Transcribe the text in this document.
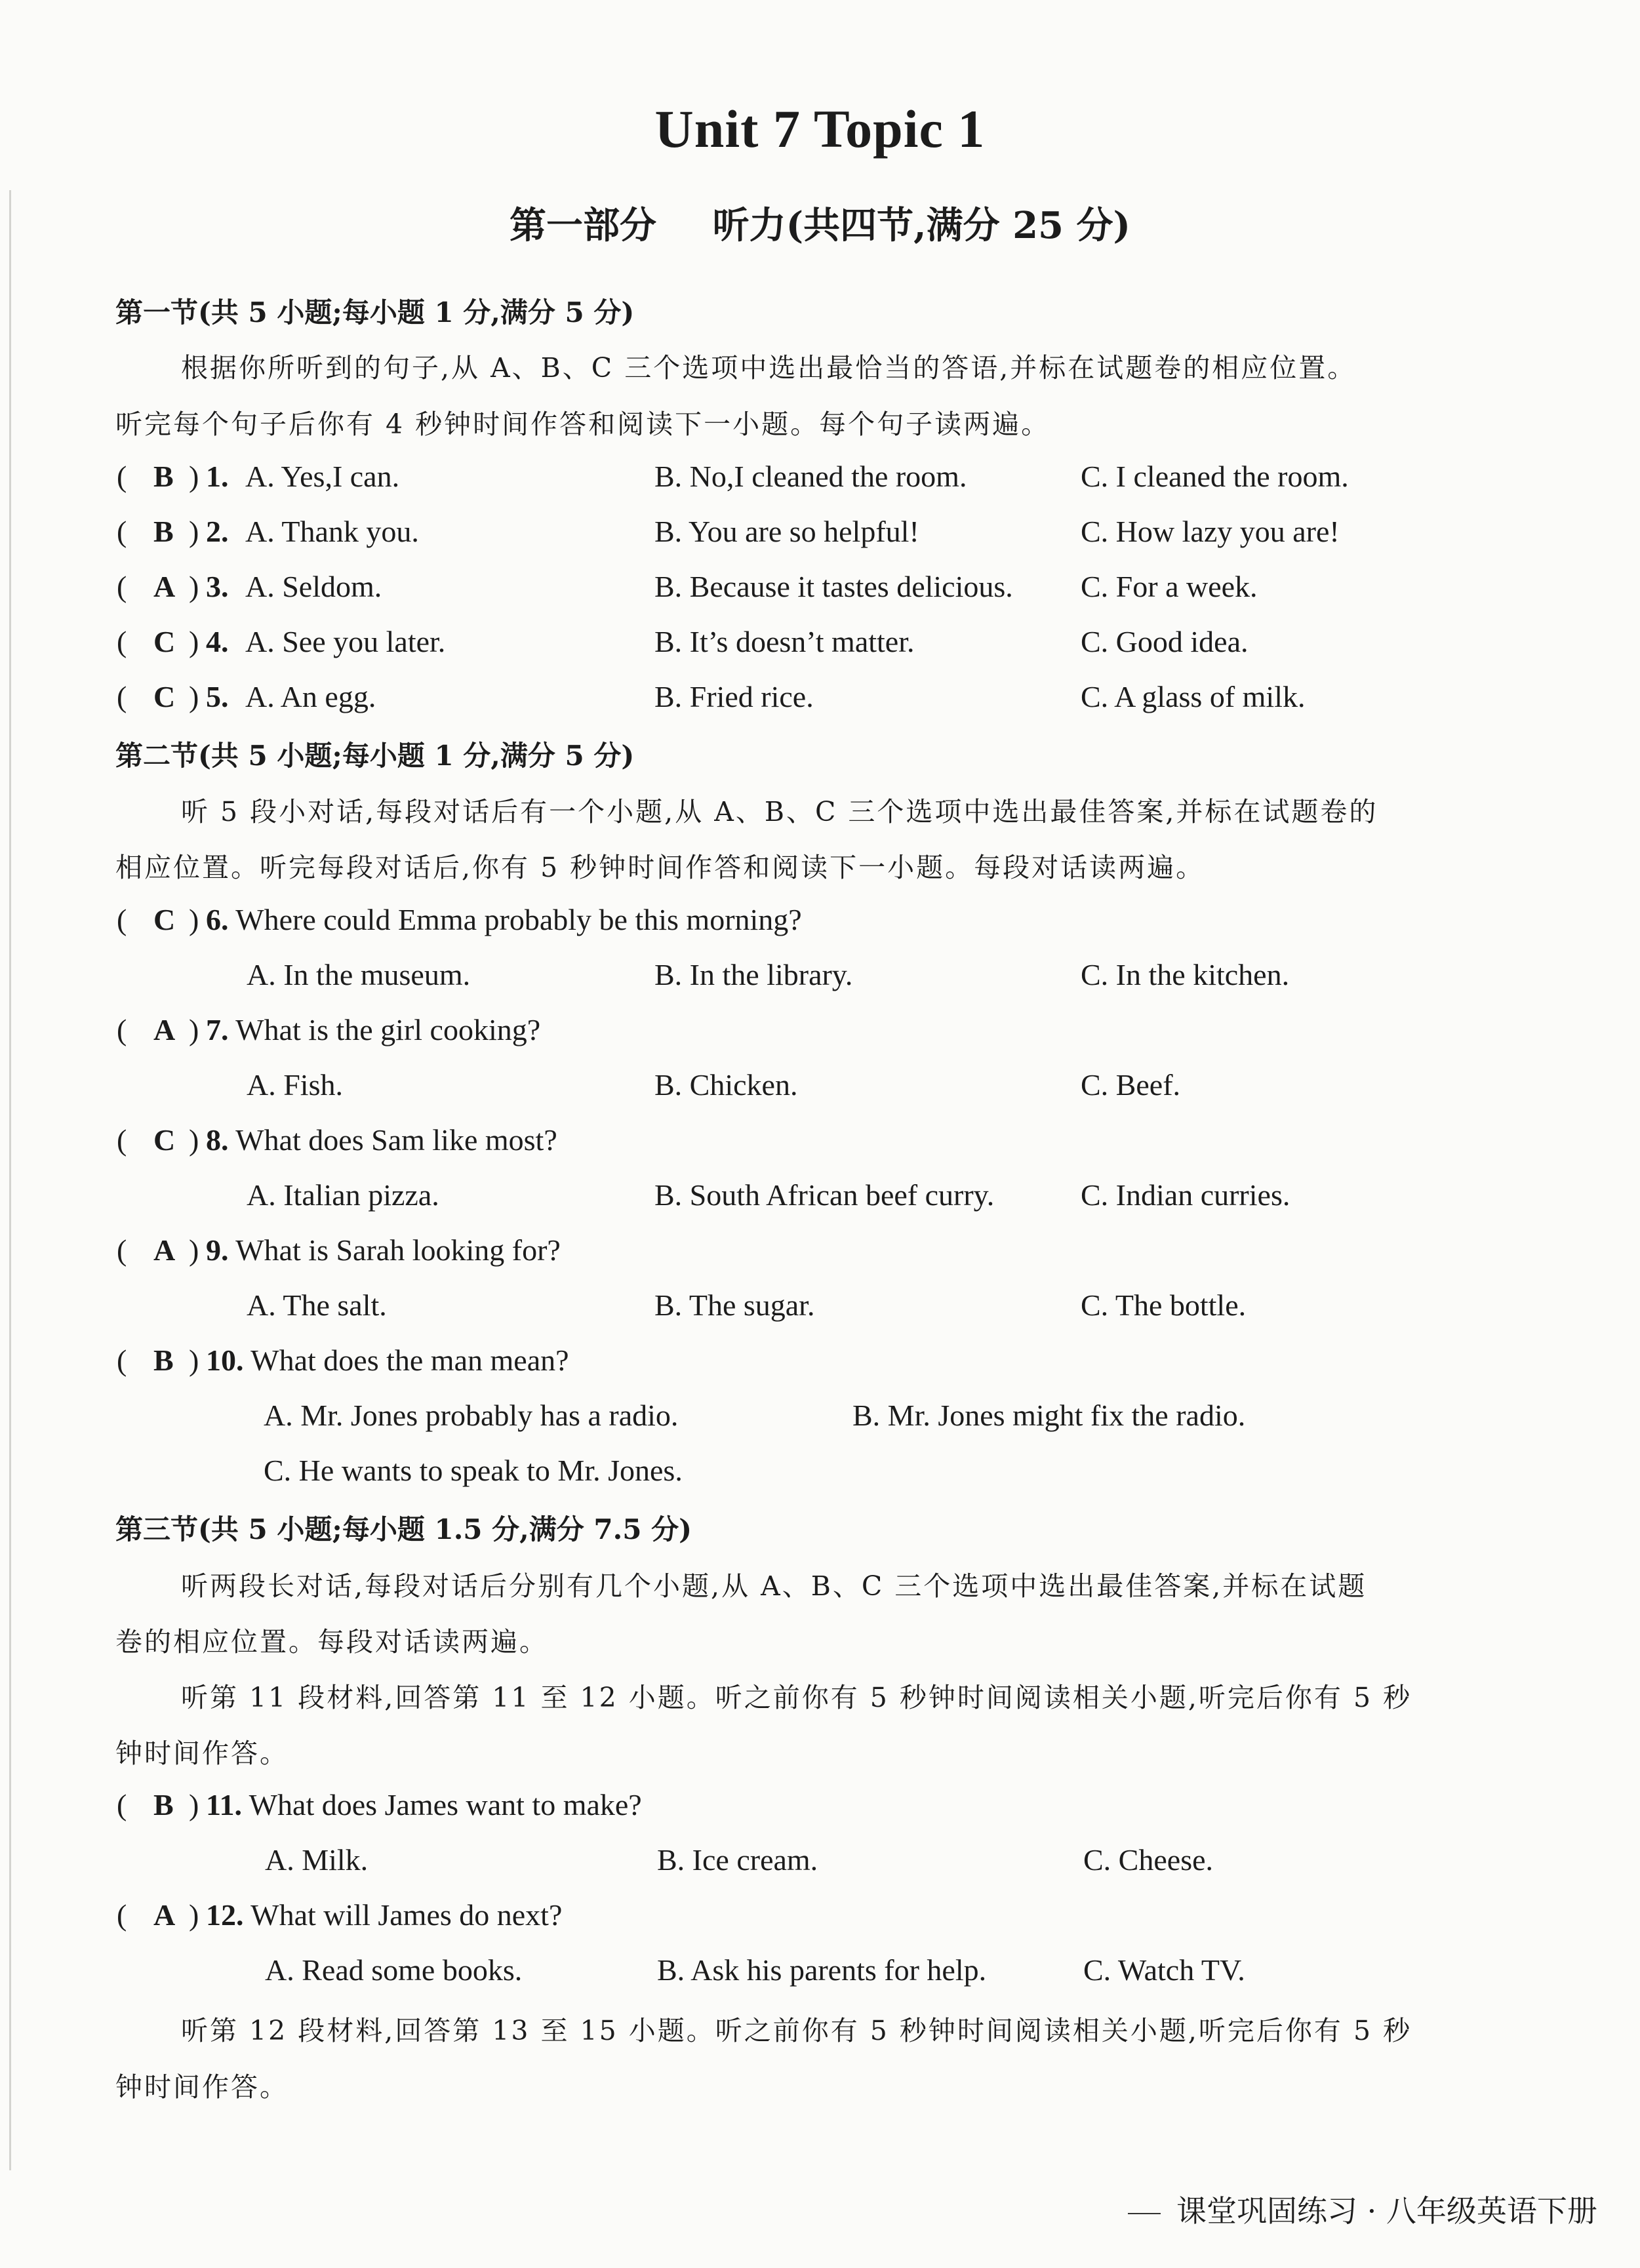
Unit 7 Topic 1
第一部分 听力(共四节,满分 25 分)
第一节(共 5 小题;每小题 1 分,满分 5 分)
根据你所听到的句子,从 A、B、C 三个选项中选出最恰当的答语,并标在试题卷的相应位置。
听完每个句子后你有 4 秒钟时间作答和阅读下一小题。每个句子读两遍。
( B ) 1. A. Yes,I can.	B. No,I cleaned the room.	C. I cleaned the room.
( B ) 2. A. Thank you.	B. You are so helpful!	C. How lazy you are!
( A ) 3. A. Seldom.	B. Because it tastes delicious. C. For a week.
( C ) 4. A. See you later.	B. It’s doesn’t matter.	C. Good idea.
( C ) 5. A. An egg.	B. Fried rice.	C. A glass of milk.
第二节(共 5 小题;每小题 1 分,满分 5 分)
听 5 段小对话,每段对话后有一个小题,从 A、B、C 三个选项中选出最佳答案,并标在试题卷的
相应位置。听完每段对话后,你有 5 秒钟时间作答和阅读下一小题。每段对话读两遍。
( C ) 6. Where could Emma probably be this morning?
A. In the museum.	B. In the library.	C. In the kitchen.
( A ) 7. What is the girl cooking?
A. Fish.	B. Chicken.	C. Beef.
( C ) 8. What does Sam like most?
A. Italian pizza.	B. South African beef curry.	C. Indian curries.
( A ) 9. What is Sarah looking for?
A. The salt.	B. The sugar.	C. The bottle.
( B ) 10. What does the man mean?
A. Mr. Jones probably has a radio.	B. Mr. Jones might fix the radio.
C. He wants to speak to Mr. Jones.
第三节(共 5 小题;每小题 1.5 分,满分 7.5 分)
听两段长对话,每段对话后分别有几个小题,从 A、B、C 三个选项中选出最佳答案,并标在试题
卷的相应位置。每段对话读两遍。
听第 11 段材料,回答第 11 至 12 小题。听之前你有 5 秒钟时间阅读相关小题,听完后你有 5 秒
钟时间作答。
( B ) 11. What does James want to make?
A. Milk.	B. Ice cream.	C. Cheese.
( A ) 12. What will James do next?
A. Read some books.	B. Ask his parents for help.	C. Watch TV.
听第 12 段材料,回答第 13 至 15 小题。听之前你有 5 秒钟时间阅读相关小题,听完后你有 5 秒
钟时间作答。
课堂巩固练习 · 八年级英语下册
